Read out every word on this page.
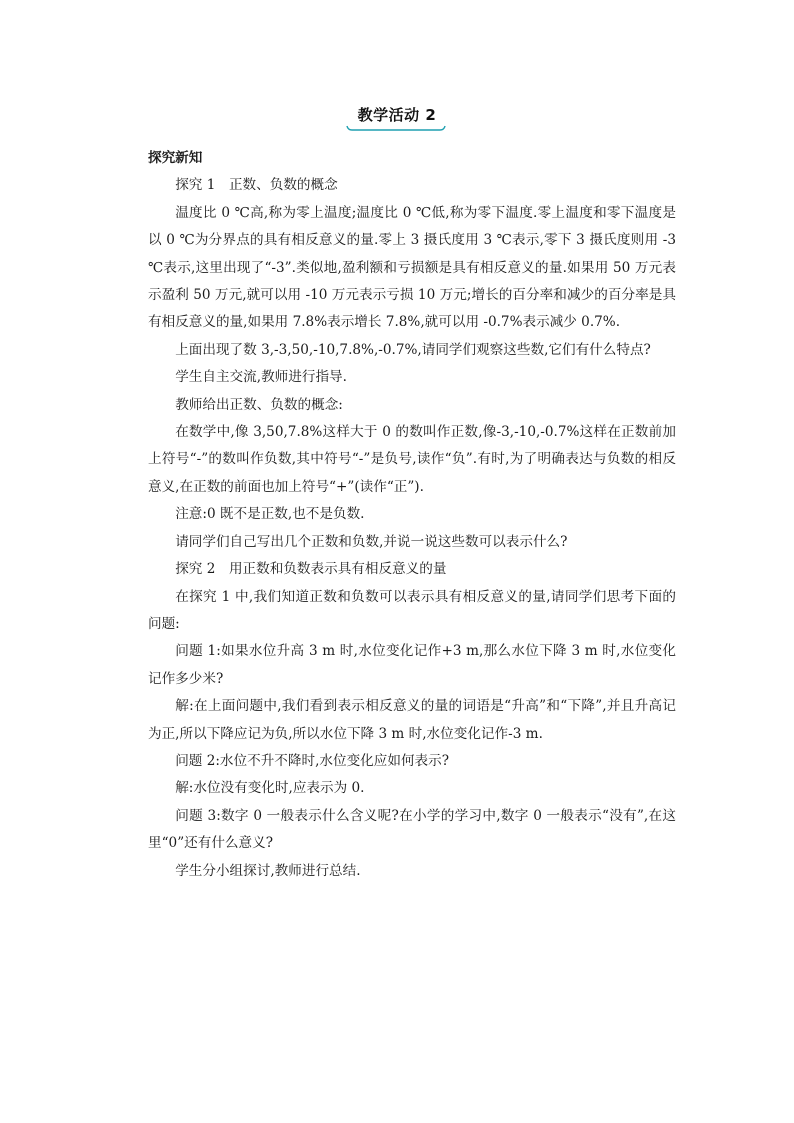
教学活动 2

探究新知

探究 1　正数、负数的概念

温度比 0 ℃高,称为零上温度;温度比 0 ℃低,称为零下温度.零上温度和零下温度是以 0 ℃为分界点的具有相反意义的量.零上 3 摄氏度用 3 ℃表示,零下 3 摄氏度则用 -3 ℃表示,这里出现了“-3”.类似地,盈利额和亏损额是具有相反意义的量.如果用 50 万元表示盈利 50 万元,就可以用 -10 万元表示亏损 10 万元;增长的百分率和减少的百分率是具有相反意义的量,如果用 7.8%表示增长 7.8%,就可以用 -0.7%表示减少 0.7%.

上面出现了数 3,-3,50,-10,7.8%,-0.7%,请同学们观察这些数,它们有什么特点?

学生自主交流,教师进行指导.

教师给出正数、负数的概念:

在数学中,像 3,50,7.8%这样大于 0 的数叫作正数,像-3,-10,-0.7%这样在正数前加上符号“-”的数叫作负数,其中符号“-”是负号,读作“负”.有时,为了明确表达与负数的相反意义,在正数的前面也加上符号“+”(读作“正”).

注意:0 既不是正数,也不是负数.

请同学们自己写出几个正数和负数,并说一说这些数可以表示什么?

探究 2　用正数和负数表示具有相反意义的量

在探究 1 中,我们知道正数和负数可以表示具有相反意义的量,请同学们思考下面的问题:

问题 1:如果水位升高 3 m 时,水位变化记作+3 m,那么水位下降 3 m 时,水位变化记作多少米?

解:在上面问题中,我们看到表示相反意义的量的词语是“升高”和“下降”,并且升高记为正,所以下降应记为负,所以水位下降 3 m 时,水位变化记作-3 m.

问题 2:水位不升不降时,水位变化应如何表示?

解:水位没有变化时,应表示为 0.

问题 3:数字 0 一般表示什么含义呢?在小学的学习中,数字 0 一般表示“没有”,在这里“0”还有什么意义?

学生分小组探讨,教师进行总结.
